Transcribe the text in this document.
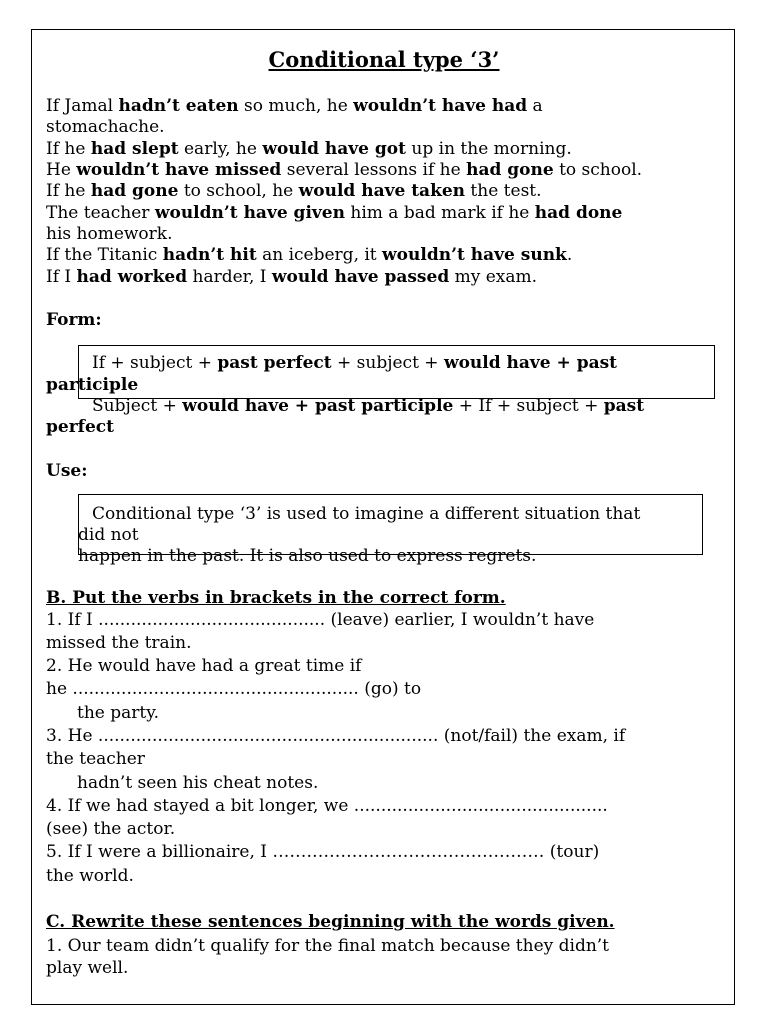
Conditional type ‘3’
If Jamal hadn’t eaten so much, he wouldn’t have had a
stomachache.
If he had slept early, he would have got up in the morning.
He wouldn’t have missed several lessons if he had gone to school.
If he had gone to school, he would have taken the test.
The teacher wouldn’t have given him a bad mark if he had done
his homework.
If the Titanic hadn’t hit an iceberg, it wouldn’t have sunk.
If I had worked harder, I would have passed my exam.
Form:
If + subject + past perfect + subject + would have + past
participle
Subject + would have + past participle + If + subject + past
perfect
Use:
Conditional type ‘3’ is used to imagine a different situation that
did not
happen in the past. It is also used to express regrets.
B. Put the verbs in brackets in the correct form.
1. If I .......................................... (leave) earlier, I wouldn’t have
missed the train.
2. He would have had a great time if
he ..................................................... (go) to
the party.
3. He ............................................................... (not/fail) the exam, if
the teacher
hadn’t seen his cheat notes.
4. If we had stayed a bit longer, we ...............................................
(see) the actor.
5. If I were a billionaire, I ………………………………………… (tour)
the world.
C. Rewrite these sentences beginning with the words given.
1. Our team didn’t qualify for the final match because they didn’t
play well.
